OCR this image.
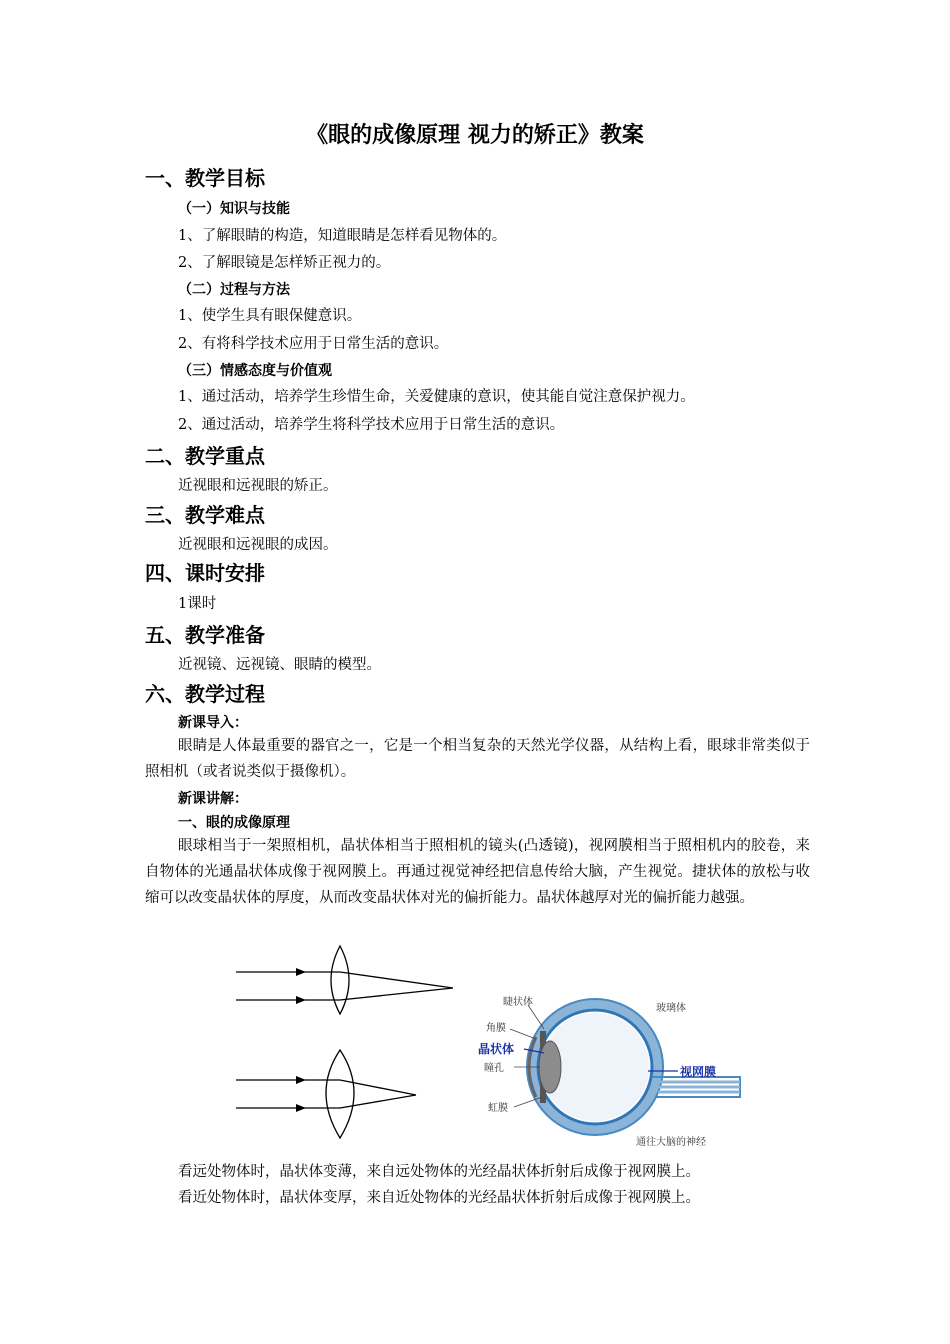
《眼的成像原理 视力的矫正》教案
一、教学目标
（一）知识与技能
1、了解眼睛的构造，知道眼睛是怎样看见物体的。
2、了解眼镜是怎样矫正视力的。
（二）过程与方法
1、使学生具有眼保健意识。
2、有将科学技术应用于日常生活的意识。
（三）情感态度与价值观
1、通过活动，培养学生珍惜生命，关爱健康的意识，使其能自觉注意保护视力。
2、通过活动，培养学生将科学技术应用于日常生活的意识。
二、教学重点
近视眼和远视眼的矫正。
三、教学难点
近视眼和远视眼的成因。
四、课时安排
1课时
五、教学准备
近视镜、远视镜、眼睛的模型。
六、教学过程
新课导入：
眼睛是人体最重要的器官之一，它是一个相当复杂的天然光学仪器，从结构上看，眼球非常类似于照相机（或者说类似于摄像机）。
新课讲解：
一、眼的成像原理
眼球相当于一架照相机，晶状体相当于照相机的镜头(凸透镜)，视网膜相当于照相机内的胶卷，来自物体的光通晶状体成像于视网膜上。再通过视觉神经把信息传给大脑，产生视觉。捷状体的放松与收缩可以改变晶状体的厚度，从而改变晶状体对光的偏折能力。晶状体越厚对光的偏折能力越强。
睫状体
角膜
晶状体
瞳孔
虹膜
玻璃体
视网膜
通往大脑的神经
看远处物体时，晶状体变薄，来自远处物体的光经晶状体折射后成像于视网膜上。
看近处物体时，晶状体变厚，来自近处物体的光经晶状体折射后成像于视网膜上。
